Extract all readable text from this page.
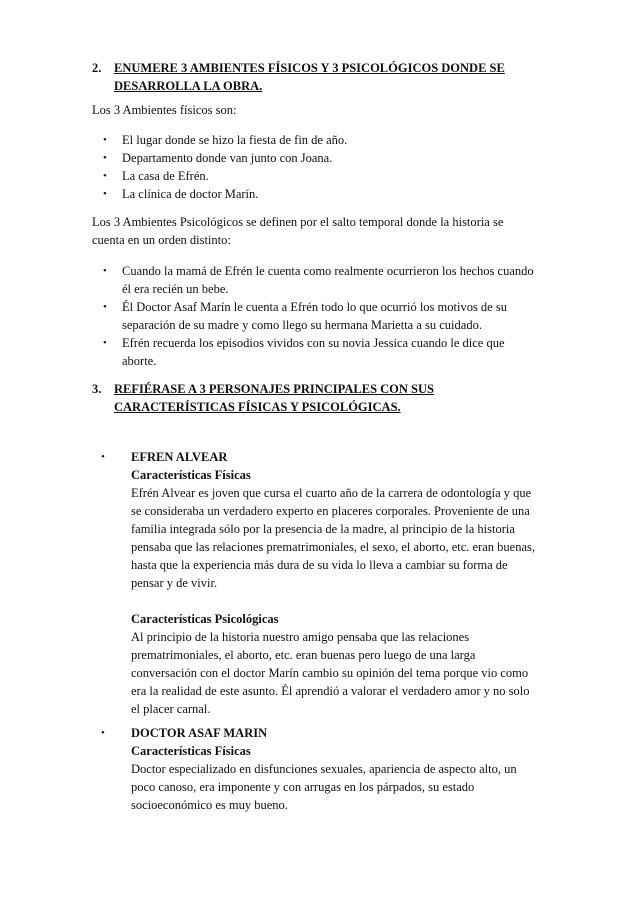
2. ENUMERE 3 AMBIENTES FÍSICOS Y 3 PSICOLÓGICOS DONDE SE
DESARROLLA LA OBRA.
Los 3 Ambientes físicos son:
• El lugar donde se hizo la fiesta de fin de año.
• Departamento donde van junto con Joana.
• La casa de Efrén.
• La clínica de doctor Marín.
Los 3 Ambientes Psicológicos se definen por el salto temporal donde la historia se
cuenta en un orden distinto:
• Cuando la mamá de Efrén le cuenta como realmente ocurrieron los hechos cuando
él era recién un bebe.
• Él Doctor Asaf Marín le cuenta a Efrén todo lo que ocurrió los motivos de su
separación de su madre y como llego su hermana Marietta a su cuidado.
• Efrén recuerda los episodios vividos con su novia Jessica cuando le dice que
aborte.
3. REFIÉRASE A 3 PERSONAJES PRINCIPALES CON SUS
CARACTERÍSTICAS FÍSICAS Y PSICOLÓGICAS.
• EFREN ALVEAR
Características Físicas
Efrén Alvear es joven que cursa el cuarto año de la carrera de odontología y que
se consideraba un verdadero experto en placeres corporales. Proveniente de una
familia integrada sólo por la presencia de la madre, al principio de la historia
pensaba que las relaciones prematrimoniales, el sexo, el aborto, etc. eran buenas,
hasta que la experiencia más dura de su vida lo lleva a cambiar su forma de
pensar y de vivir.
Características Psicológicas
Al principio de la historia nuestro amigo pensaba que las relaciones
prematrimoniales, el aborto, etc. eran buenas pero luego de una larga
conversación con el doctor Marín cambio su opinión del tema porque vio como
era la realidad de este asunto. Él aprendió a valorar el verdadero amor y no solo
el placer carnal.
• DOCTOR ASAF MARIN
Características Físicas
Doctor especializado en disfunciones sexuales, apariencia de aspecto alto, un
poco canoso, era imponente y con arrugas en los párpados, su estado
socioeconómico es muy bueno.
